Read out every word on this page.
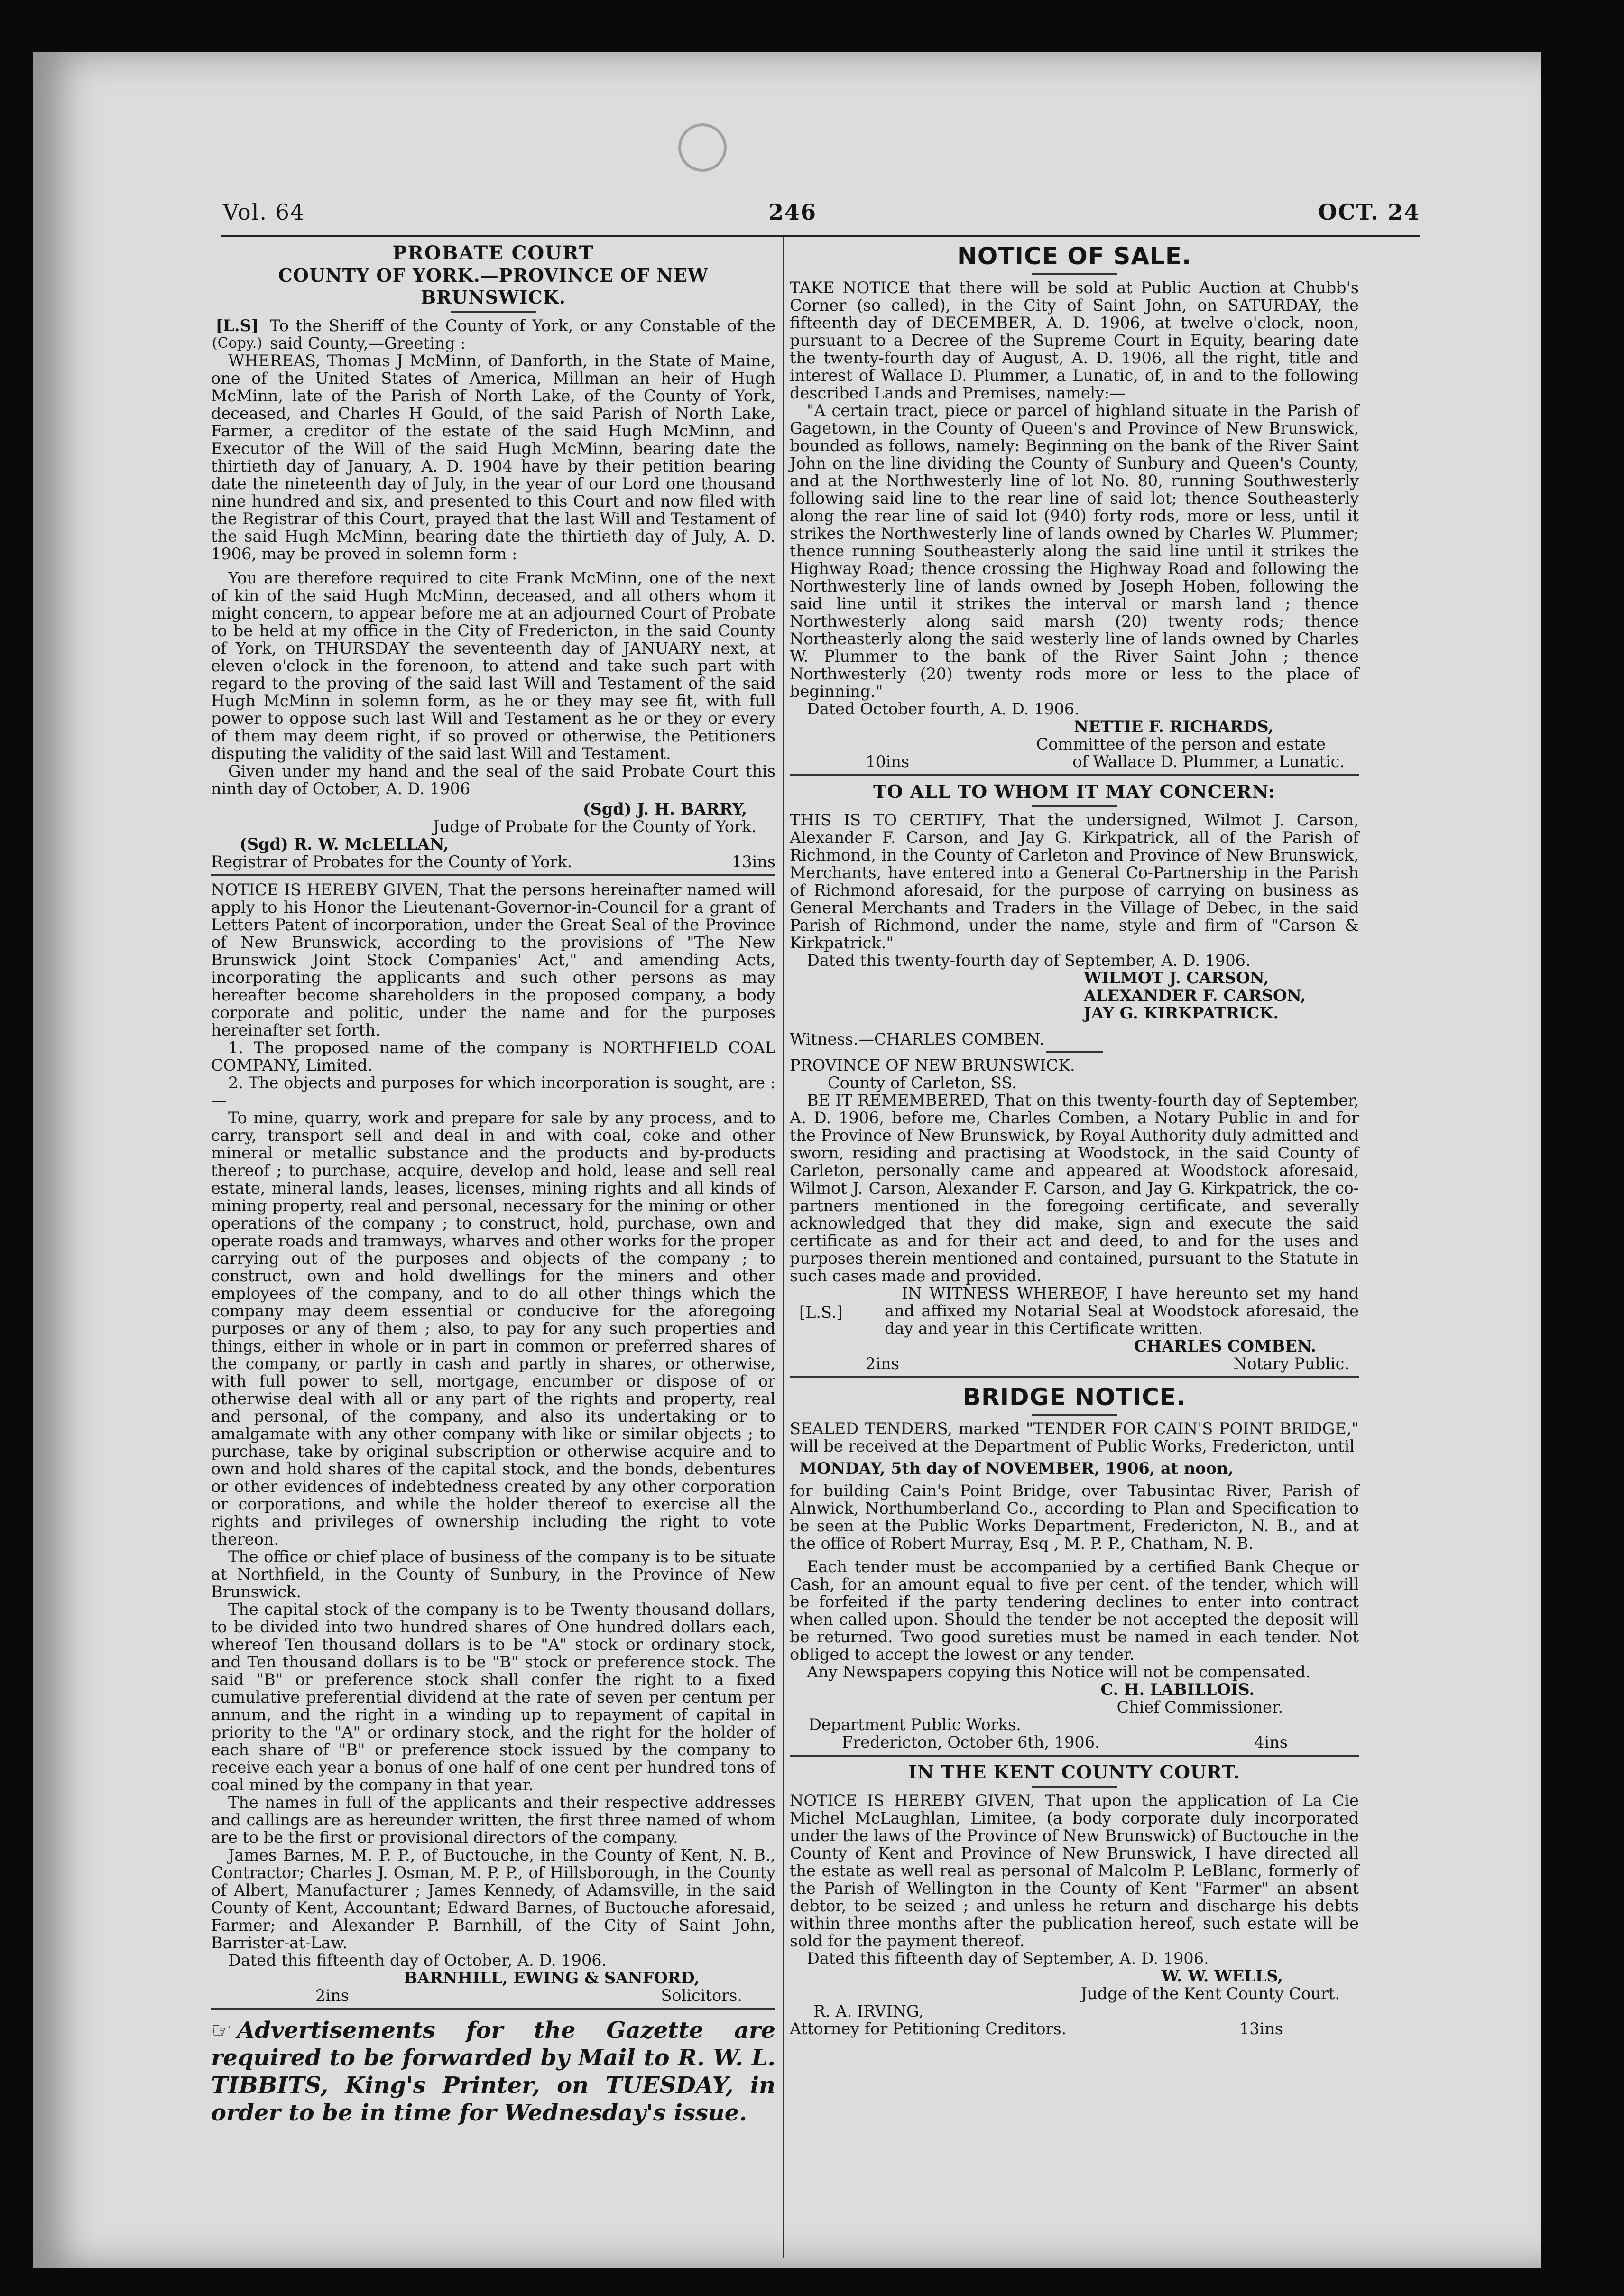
Vol. 64	246	OCT. 24
PROBATE COURT
COUNTY OF YORK.—PROVINCE OF NEW BRUNSWICK.
[L.S]
(Copy.)

To the Sheriff of the County of York, or any Constable of the said County,—Greeting :

WHEREAS, Thomas J McMinn, of Danforth, in the State of Maine, one of the United States of America, Millman an heir of Hugh McMinn, late of the Parish of North Lake, of the County of York, deceased, and Charles H Gould, of the said Parish of North Lake, Farmer, a creditor of the estate of the said Hugh McMinn, and Executor of the Will of the said Hugh McMinn, bearing date the thirtieth day of January, A. D. 1904 have by their petition bearing date the nineteenth day of July, in the year of our Lord one thousand nine hundred and six, and presented to this Court and now filed with the Registrar of this Court, prayed that the last Will and Testament of the said Hugh McMinn, bearing date the thirtieth day of July, A. D. 1906, may be proved in solemn form :

You are therefore required to cite Frank McMinn, one of the next of kin of the said Hugh McMinn, deceased, and all others whom it might concern, to appear before me at an adjourned Court of Probate to be held at my office in the City of Fredericton, in the said County of York, on THURSDAY the seventeenth day of JANUARY next, at eleven o'clock in the forenoon, to attend and take such part with regard to the proving of the said last Will and Testament of the said Hugh McMinn in solemn form, as he or they may see fit, with full power to oppose such last Will and Testament as he or they or every of them may deem right, if so proved or otherwise, the Petitioners disputing the validity of the said last Will and Testament.

Given under my hand and the seal of the said Probate Court this ninth day of October, A. D. 1906

(Sgd) J. H. BARRY,
Judge of Probate for the County of York.
(Sgd) R. W. McLELLAN,
Registrar of Probates for the County of York.	13ins

NOTICE IS HEREBY GIVEN, That the persons hereinafter named will apply to his Honor the Lieutenant-Governor-in-Council for a grant of Letters Patent of incorporation, under the Great Seal of the Province of New Brunswick, according to the provisions of "The New Brunswick Joint Stock Companies' Act," and amending Acts, incorporating the applicants and such other persons as may hereafter become shareholders in the proposed company, a body corporate and politic, under the name and for the purposes hereinafter set forth.

1. The proposed name of the company is NORTHFIELD COAL COMPANY, Limited.

2. The objects and purposes for which incorporation is sought, are :—

To mine, quarry, work and prepare for sale by any process, and to carry, transport sell and deal in and with coal, coke and other mineral or metallic substance and the products and by-products thereof ; to purchase, acquire, develop and hold, lease and sell real estate, mineral lands, leases, licenses, mining rights and all kinds of mining property, real and personal, necessary for the mining or other operations of the company ; to construct, hold, purchase, own and operate roads and tramways, wharves and other works for the proper carrying out of the purposes and objects of the company ; to construct, own and hold dwellings for the miners and other employees of the company, and to do all other things which the company may deem essential or conducive for the aforegoing purposes or any of them ; also, to pay for any such properties and things, either in whole or in part in common or preferred shares of the company, or partly in cash and partly in shares, or otherwise, with full power to sell, mortgage, encumber or dispose of or otherwise deal with all or any part of the rights and property, real and personal, of the company, and also its undertaking or to amalgamate with any other company with like or similar objects ; to purchase, take by original subscription or otherwise acquire and to own and hold shares of the capital stock, and the bonds, debentures or other evidences of indebtedness created by any other corporation or corporations, and while the holder thereof to exercise all the rights and privileges of ownership including the right to vote thereon.

The office or chief place of business of the company is to be situate at Northfield, in the County of Sunbury, in the Province of New Brunswick.

The capital stock of the company is to be Twenty thousand dollars, to be divided into two hundred shares of One hundred dollars each, whereof Ten thousand dollars is to be "A" stock or ordinary stock, and Ten thousand dollars is to be "B" stock or preference stock. The said "B" or preference stock shall confer the right to a fixed cumulative preferential dividend at the rate of seven per centum per annum, and the right in a winding up to repayment of capital in priority to the "A" or ordinary stock, and the right for the holder of each share of "B" or preference stock issued by the company to receive each year a bonus of one half of one cent per hundred tons of coal mined by the company in that year.

The names in full of the applicants and their respective addresses and callings are as hereunder written, the first three named of whom are to be the first or provisional directors of the company.

James Barnes, M. P. P., of Buctouche, in the County of Kent, N. B., Contractor; Charles J. Osman, M. P. P., of Hillsborough, in the County of Albert, Manufacturer ; James Kennedy, of Adamsville, in the said County of Kent, Accountant; Edward Barnes, of Buctouche aforesaid, Farmer; and Alexander P. Barnhill, of the City of Saint John, Barrister-at-Law.

Dated this fifteenth day of October, A. D. 1906.

BARNHILL, EWING & SANFORD,
2ins	Solicitors.
☞ Advertisements for the Gazette are required to be forwarded by Mail to R. W. L. TIBBITS, King's Printer, on TUESDAY, in order to be in time for Wednesday's issue.
NOTICE OF SALE.

TAKE NOTICE that there will be sold at Public Auction at Chubb's Corner (so called), in the City of Saint John, on SATURDAY, the fifteenth day of DECEMBER, A. D. 1906, at twelve o'clock, noon, pursuant to a Decree of the Supreme Court in Equity, bearing date the twenty-fourth day of August, A. D. 1906, all the right, title and interest of Wallace D. Plummer, a Lunatic, of, in and to the following described Lands and Premises, namely:—

"A certain tract, piece or parcel of highland situate in the Parish of Gagetown, in the County of Queen's and Province of New Brunswick, bounded as follows, namely: Beginning on the bank of the River Saint John on the line dividing the County of Sunbury and Queen's County, and at the Northwesterly line of lot No. 80, running Southwesterly following said line to the rear line of said lot; thence Southeasterly along the rear line of said lot (940) forty rods, more or less, until it strikes the Northwesterly line of lands owned by Charles W. Plummer; thence running Southeasterly along the said line until it strikes the Highway Road; thence crossing the Highway Road and following the Northwesterly line of lands owned by Joseph Hoben, following the said line until it strikes the interval or marsh land ; thence Northwesterly along said marsh (20) twenty rods; thence Northeasterly along the said westerly line of lands owned by Charles W. Plummer to the bank of the River Saint John ; thence Northwesterly (20) twenty rods more or less to the place of beginning."

Dated October fourth, A. D. 1906.

NETTIE F. RICHARDS,
Committee of the person and estate
10ins	of Wallace D. Plummer, a Lunatic.
TO ALL TO WHOM IT MAY CONCERN:

THIS IS TO CERTIFY, That the undersigned, Wilmot J. Carson, Alexander F. Carson, and Jay G. Kirkpatrick, all of the Parish of Richmond, in the County of Carleton and Province of New Brunswick, Merchants, have entered into a General Co-Partnership in the Parish of Richmond aforesaid, for the purpose of carrying on business as General Merchants and Traders in the Village of Debec, in the said Parish of Richmond, under the name, style and firm of "Carson & Kirkpatrick."

Dated this twenty-fourth day of September, A. D. 1906.

WILMOT J. CARSON,
ALEXANDER F. CARSON,
JAY G. KIRKPATRICK.
Witness.—CHARLES COMBEN.
PROVINCE OF NEW BRUNSWICK.
County of Carleton, SS.

BE IT REMEMBERED, That on this twenty-fourth day of September, A. D. 1906, before me, Charles Comben, a Notary Public in and for the Province of New Brunswick, by Royal Authority duly admitted and sworn, residing and practising at Woodstock, in the said County of Carleton, personally came and appeared at Woodstock aforesaid, Wilmot J. Carson, Alexander F. Carson, and Jay G. Kirkpatrick, the co-partners mentioned in the foregoing certificate, and severally acknowledged that they did make, sign and execute the said certificate as and for their act and deed, to and for the uses and purposes therein mentioned and contained, pursuant to the Statute in such cases made and provided.

[L.S.]

IN WITNESS WHEREOF, I have hereunto set my hand and affixed my Notarial Seal at Woodstock aforesaid, the day and year in this Certificate written.

CHARLES COMBEN.
2ins	Notary Public.
BRIDGE NOTICE.

SEALED TENDERS, marked "TENDER FOR CAIN'S POINT BRIDGE," will be received at the Department of Public Works, Fredericton, until

MONDAY, 5th day of NOVEMBER, 1906, at noon,

for building Cain's Point Bridge, over Tabusintac River, Parish of Alnwick, Northumberland Co., according to Plan and Specification to be seen at the Public Works Department, Fredericton, N. B., and at the office of Robert Murray, Esq , M. P. P., Chatham, N. B.

Each tender must be accompanied by a certified Bank Cheque or Cash, for an amount equal to five per cent. of the tender, which will be forfeited if the party tendering declines to enter into contract when called upon. Should the tender be not accepted the deposit will be returned. Two good sureties must be named in each tender. Not obliged to accept the lowest or any tender.

Any Newspapers copying this Notice will not be compensated.

C. H. LABILLOIS.
Chief Commissioner.
Department Public Works.
Fredericton, October 6th, 1906.	4ins
IN THE KENT COUNTY COURT.

NOTICE IS HEREBY GIVEN, That upon the application of La Cie Michel McLaughlan, Limitee, (a body corporate duly incorporated under the laws of the Province of New Brunswick) of Buctouche in the County of Kent and Province of New Brunswick, I have directed all the estate as well real as personal of Malcolm P. LeBlanc, formerly of the Parish of Wellington in the County of Kent "Farmer" an absent debtor, to be seized ; and unless he return and discharge his debts within three months after the publication hereof, such estate will be sold for the payment thereof.

Dated this fifteenth day of September, A. D. 1906.

W. W. WELLS,
Judge of the Kent County Court.
R. A. IRVING,
Attorney for Petitioning Creditors.	13ins
